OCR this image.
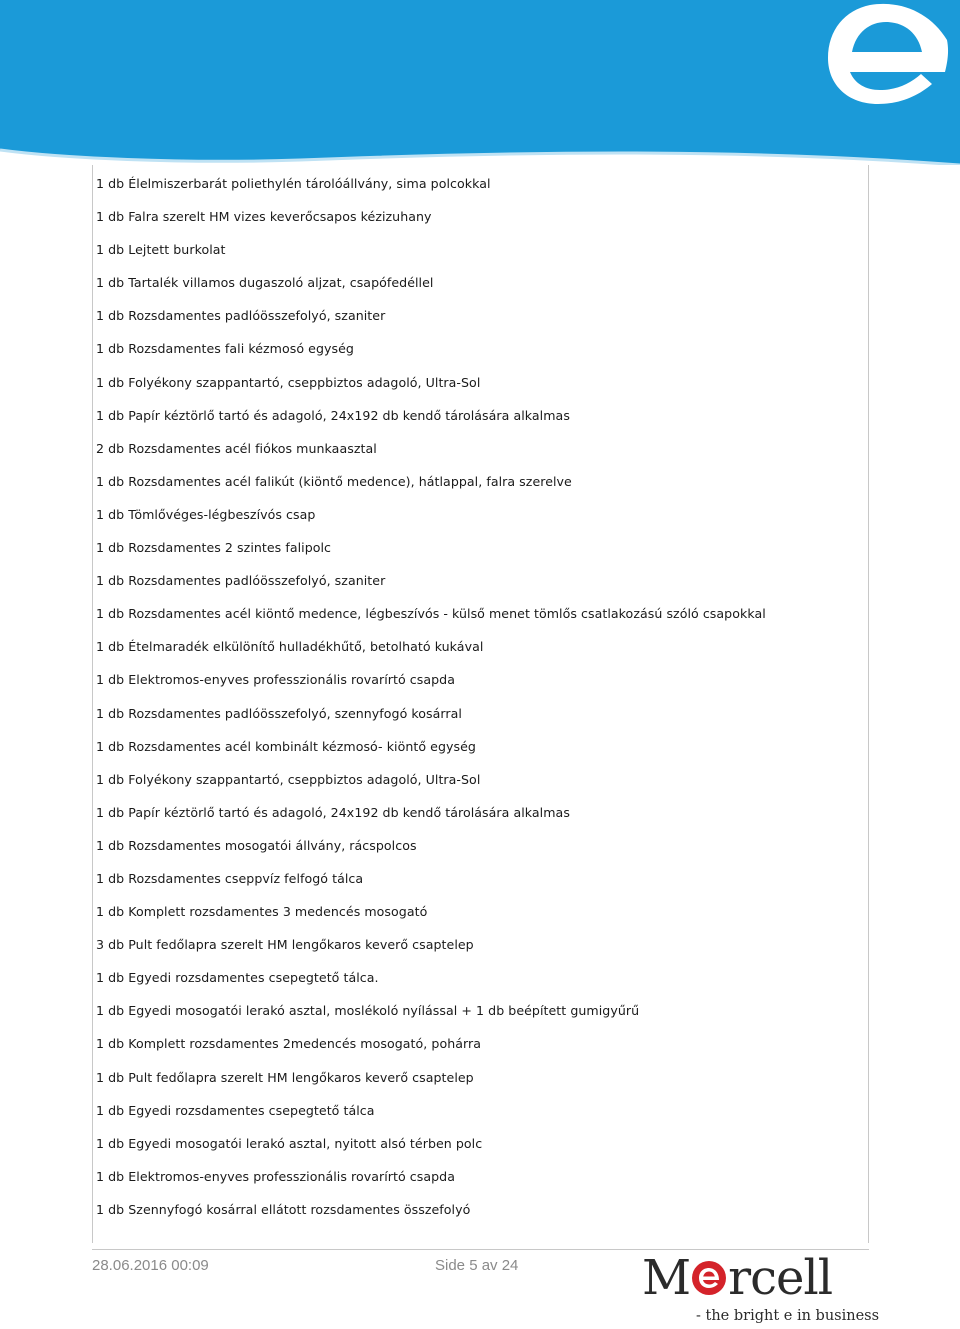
1 db Élelmiszerbarát poliethylén tárolóállvány, sima polcokkal
1 db Falra szerelt HM vizes keverőcsapos kézizuhany
1 db Lejtett burkolat
1 db Tartalék villamos dugaszoló aljzat, csapófedéllel
1 db Rozsdamentes padlóösszefolyó, szaniter
1 db Rozsdamentes fali kézmosó egység
1 db Folyékony szappantartó, cseppbiztos adagoló, Ultra-Sol
1 db Papír kéztörlő tartó és adagoló, 24x192 db kendő tárolására alkalmas
2 db Rozsdamentes acél fiókos munkaasztal
1 db Rozsdamentes acél falikút (kiöntő medence), hátlappal, falra szerelve
1 db Tömlővéges-légbeszívós csap
1 db Rozsdamentes 2 szintes falipolc
1 db Rozsdamentes padlóösszefolyó, szaniter
1 db Rozsdamentes acél kiöntő medence, légbeszívós - külső menet tömlős csatlakozású szóló csapokkal
1 db Ételmaradék elkülönítő hulladékhűtő, betolható kukával
1 db Elektromos-enyves professzionális rovarírtó csapda
1 db Rozsdamentes padlóösszefolyó, szennyfogó kosárral
1 db Rozsdamentes acél kombinált kézmosó- kiöntő egység
1 db Folyékony szappantartó, cseppbiztos adagoló, Ultra-Sol
1 db Papír kéztörlő tartó és adagoló, 24x192 db kendő tárolására alkalmas
1 db Rozsdamentes mosogatói állvány, rácspolcos
1 db Rozsdamentes cseppvíz felfogó tálca
1 db Komplett rozsdamentes 3 medencés mosogató
3 db Pult fedőlapra szerelt HM lengőkaros keverő csaptelep
1 db Egyedi rozsdamentes csepegtető tálca.
1 db Egyedi mosogatói lerakó asztal, moslékoló nyílással + 1 db beépített gumigyűrű
1 db Komplett rozsdamentes 2medencés mosogató, pohárra
1 db Pult fedőlapra szerelt HM lengőkaros keverő csaptelep
1 db Egyedi rozsdamentes csepegtető tálca
1 db Egyedi mosogatói lerakó asztal, nyitott alsó térben polc
1 db Elektromos-enyves professzionális rovarírtó csapda
1 db Szennyfogó kosárral ellátott rozsdamentes összefolyó
28.06.2016 00:09	Side 5 av 24	M rcell
- the bright e in business
